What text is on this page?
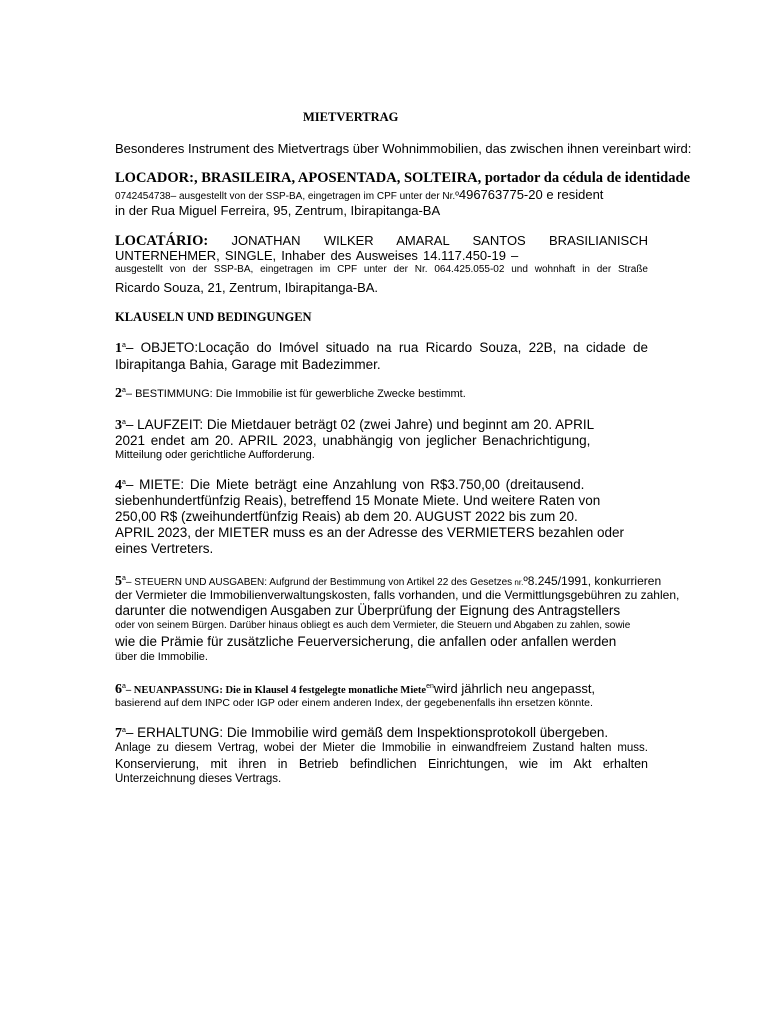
MIETVERTRAG
Besonderes Instrument des Mietvertrags über Wohnimmobilien, das zwischen ihnen vereinbart wird:
LOCADOR:, BRASILEIRA, APOSENTADA, SOLTEIRA, portador da cédula de identidade
0742454738– ausgestellt von der SSP-BA, eingetragen im CPF unter der Nr.º496763775-20 e resident
in der Rua Miguel Ferreira, 95, Zentrum, Ibirapitanga-BA
LOCATÁRIO: JONATHAN WILKER AMARAL SANTOS BRASILIANISCH
UNTERNEHMER, SINGLE, Inhaber des Ausweises 14.117.450-19 –
ausgestellt von der SSP-BA, eingetragen im CPF unter der Nr. 064.425.055-02 und wohnhaft in der Straße
Ricardo Souza, 21, Zentrum, Ibirapitanga-BA.
KLAUSELN UND BEDINGUNGEN
1$^a$– OBJETO:Locação do Imóvel situado na rua Ricardo Souza, 22B, na cidade de
Ibirapitanga Bahia, Garage mit Badezimmer.
2$^a$– BESTIMMUNG: Die Immobilie ist für gewerbliche Zwecke bestimmt.
3$^a$– LAUFZEIT: Die Mietdauer beträgt 02 (zwei Jahre) und beginnt am 20. APRIL
2021 endet am 20. APRIL 2023, unabhängig von jeglicher Benachrichtigung,
Mitteilung oder gerichtliche Aufforderung.
4$^a$– MIETE: Die Miete beträgt eine Anzahlung von R$3.750,00 (dreitausend.
siebenhundertfünfzig Reais), betreffend 15 Monate Miete. Und weitere Raten von
250,00 R$ (zweihundertfünfzig Reais) ab dem 20. AUGUST 2022 bis zum 20.
APRIL 2023, der MIETER muss es an der Adresse des VERMIETERS bezahlen oder
eines Vertreters.
5$^a$– STEUERN UND AUSGABEN: Aufgrund der Bestimmung von Artikel 22 des Gesetzes nr.º8.245/1991, konkurrieren
der Vermieter die Immobilienverwaltungskosten, falls vorhanden, und die Vermittlungsgebühren zu zahlen,
darunter die notwendigen Ausgaben zur Überprüfung der Eignung des Antragstellers
oder von seinem Bürgen. Darüber hinaus obliegt es auch dem Vermieter, die Steuern und Abgaben zu zahlen, sowie
wie die Prämie für zusätzliche Feuerversicherung, die anfallen oder anfallen werden
über die Immobilie.
6$^a$– NEUANPASSUNG: Die in Klausel 4 festgelegte monatliche Miete$^{en}$wird jährlich neu angepasst,
basierend auf dem INPC oder IGP oder einem anderen Index, der gegebenenfalls ihn ersetzen könnte.
7$^a$– ERHALTUNG: Die Immobilie wird gemäß dem Inspektionsprotokoll übergeben.
Anlage zu diesem Vertrag, wobei der Mieter die Immobilie in einwandfreiem Zustand halten muss.
Konservierung, mit ihren in Betrieb befindlichen Einrichtungen, wie im Akt erhalten
Unterzeichnung dieses Vertrags.
